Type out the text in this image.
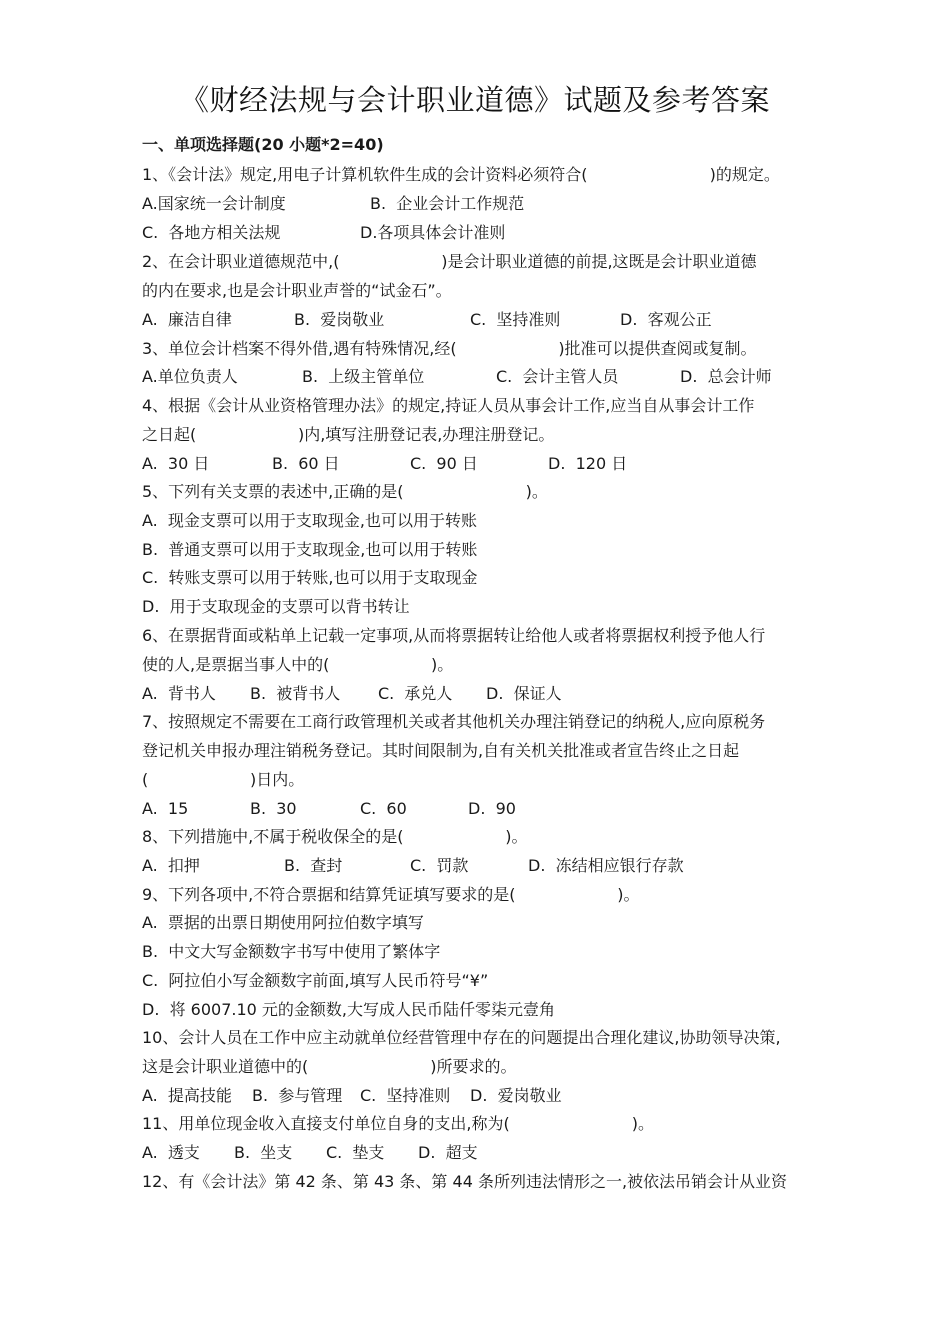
《财经法规与会计职业道德》试题及参考答案
一、单项选择题(20 小题*2=40)
1、《会计法》规定,用电子计算机软件生成的会计资料必须符合(                        )的规定。
A.国家统一会计制度	B.  企业会计工作规范
C.  各地方相关法规	D.各项具体会计准则
2、在会计职业道德规范中,(                    )是会计职业道德的前提,这既是会计职业道德
的内在要求,也是会计职业声誉的“试金石”。
A.  廉洁自律	B.  爱岗敬业	C.  坚持准则	D.  客观公正
3、单位会计档案不得外借,遇有特殊情况,经(                    )批准可以提供查阅或复制。
A.单位负责人	B.  上级主管单位	C.  会计主管人员	D.  总会计师
4、根据《会计从业资格管理办法》的规定,持证人员从事会计工作,应当自从事会计工作
之日起(                    )内,填写注册登记表,办理注册登记。
A.  30 日	B.  60 日	C.  90 日	D.  120 日
5、下列有关支票的表述中,正确的是(                        )。
A.  现金支票可以用于支取现金,也可以用于转账
B.  普通支票可以用于支取现金,也可以用于转账
C.  转账支票可以用于转账,也可以用于支取现金
D.  用于支取现金的支票可以背书转让
6、在票据背面或粘单上记载一定事项,从而将票据转让给他人或者将票据权利授予他人行
使的人,是票据当事人中的(                    )。
A.  背书人 B.  被背书人 C.  承兑人 D.  保证人
7、按照规定不需要在工商行政管理机关或者其他机关办理注销登记的纳税人,应向原税务
登记机关申报办理注销税务登记。其时间限制为,自有关机关批准或者宣告终止之日起
(                    )日内。
A.  15	B.  30	C.  60	D.  90
8、下列措施中,不属于税收保全的是(                    )。
A.  扣押	B.  查封	C.  罚款	D.  冻结相应银行存款
9、下列各项中,不符合票据和结算凭证填写要求的是(                    )。
A.  票据的出票日期使用阿拉伯数字填写
B.  中文大写金额数字书写中使用了繁体字
C.  阿拉伯小写金额数字前面,填写人民币符号“¥”
D.  将 6007.10 元的金额数,大写成人民币陆仟零柒元壹角
10、会计人员在工作中应主动就单位经营管理中存在的问题提出合理化建议,协助领导决策,
这是会计职业道德中的(                        )所要求的。
A.  提高技能 B.  参与管理 C.  坚持准则 D.  爱岗敬业
11、用单位现金收入直接支付单位自身的支出,称为(                        )。
A.  透支 B.  坐支 C.  垫支 D.  超支
12、有《会计法》第 42 条、第 43 条、第 44 条所列违法情形之一,被依法吊销会计从业资
